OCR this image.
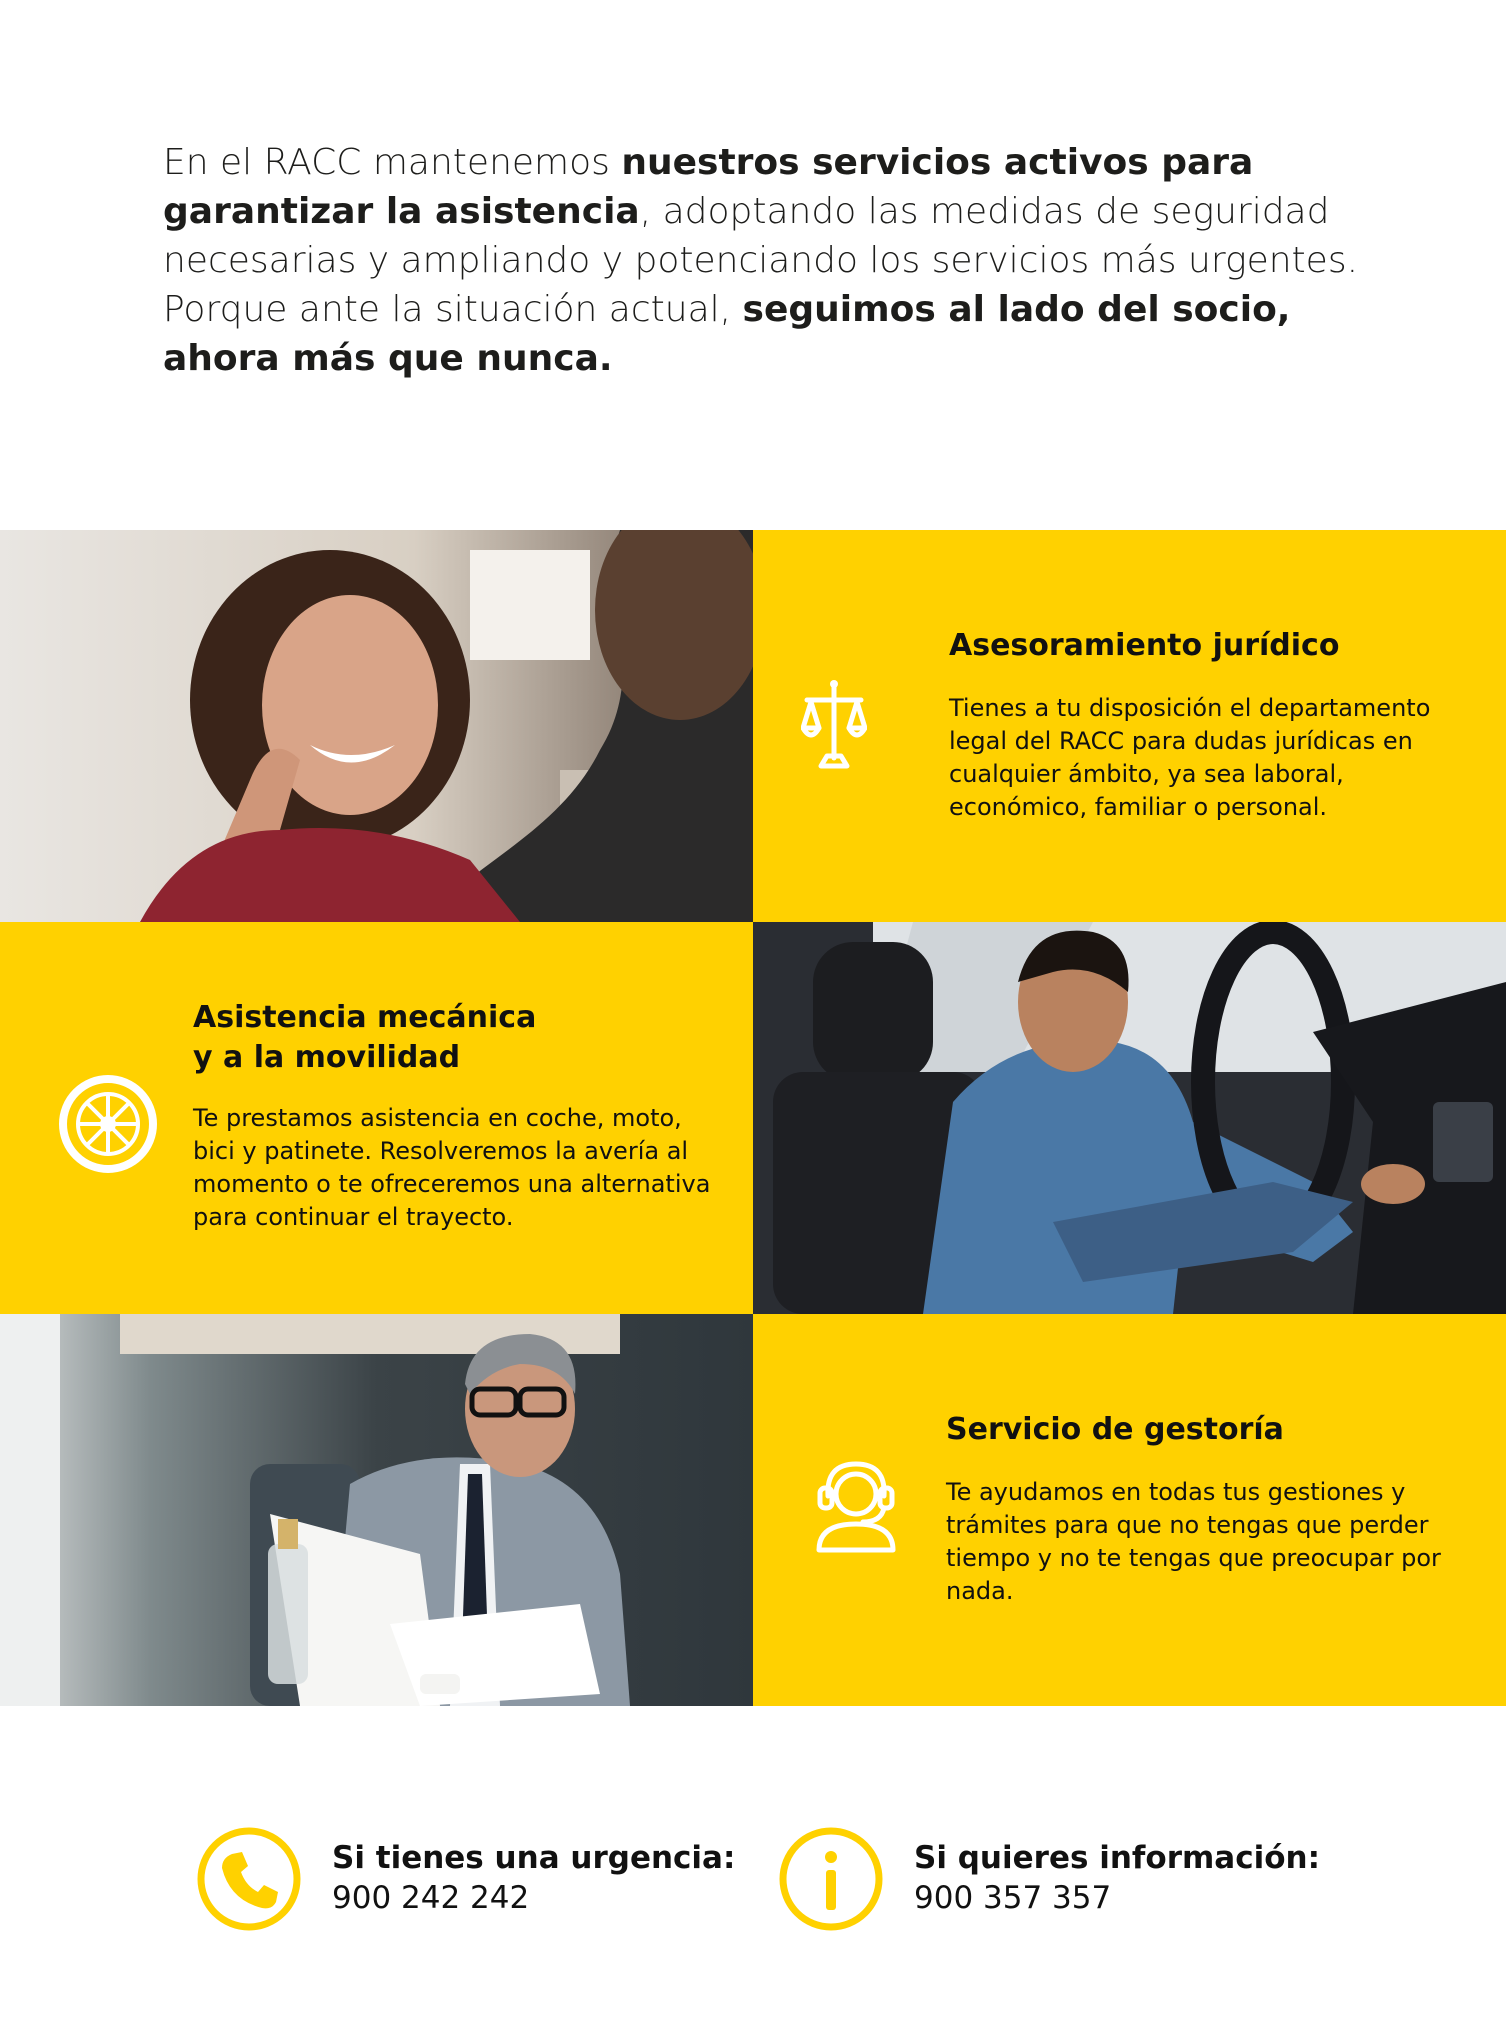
En el RACC mantenemos nuestros servicios activos para garantizar la asistencia, adoptando las medidas de seguridad necesarias y ampliando y potenciando los servicios más urgentes. Porque ante la situación actual, seguimos al lado del socio, ahora más que nunca.

Asesoramiento jurídico
Tienes a tu disposición el departamento legal del RACC para dudas jurídicas en cualquier ámbito, ya sea laboral, económico, familiar o personal.
Asistencia mecánica
y a la movilidad
Te prestamos asistencia en coche, moto, bici y patinete. Resolveremos la avería al momento o te ofreceremos una alternativa para continuar el trayecto.
Servicio de gestoría
Te ayudamos en todas tus gestiones y trámites para que no tengas que perder tiempo y no te tengas que preocupar por nada.
Si tienes una urgencia:
900 242 242
Si quieres información:
900 357 357
